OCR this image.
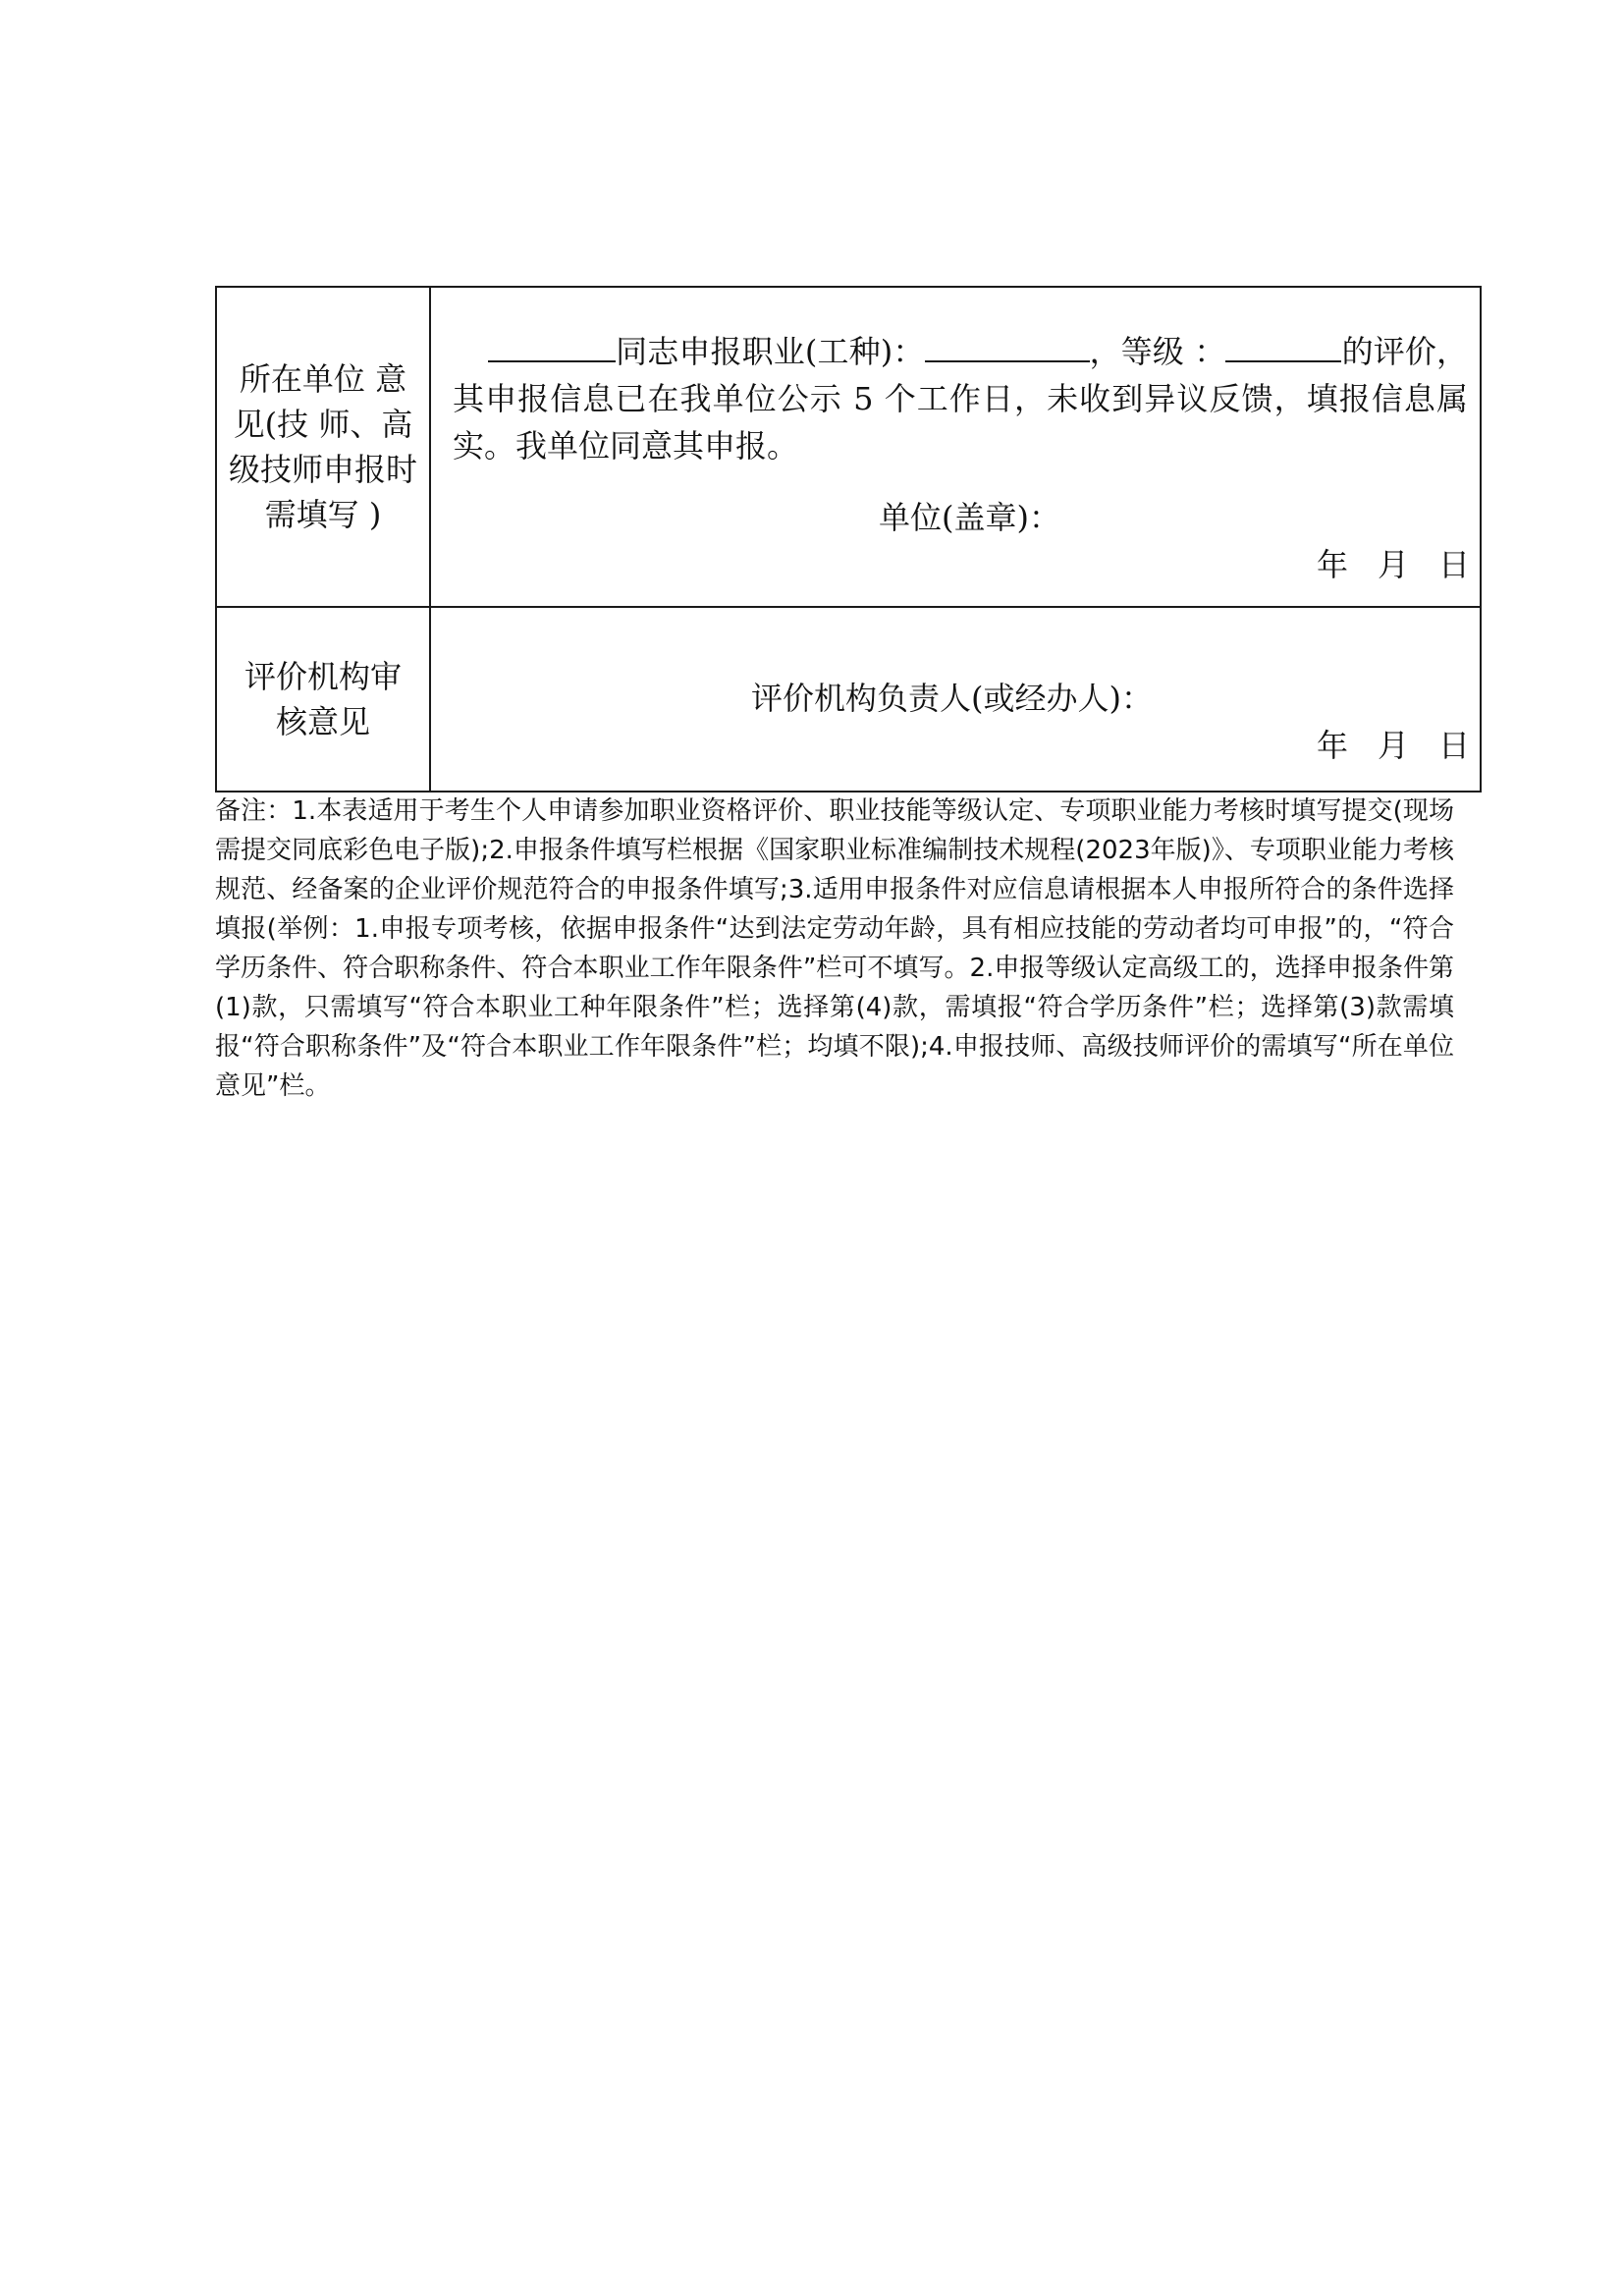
所在单位 意见(技 师、高级技师申报时需填写 )
同志申报职业(工种)：	，等级 ：	的评价，其申报信息已在我单位公示 5 个工作日，未收到异议反馈，填报信息属实。我单位同意其申报。
单位(盖章)：
年 月 日
评价机构审核意见
评价机构负责人(或经办人)：
年 月 日
备注：1.本表适用于考生个人申请参加职业资格评价、职业技能等级认定、专项职业能力考核时填写提交(现场需提交同底彩色电子版);2.申报条件填写栏根据《国家职业标准编制技术规程(2023年版)》、专项职业能力考核规范、经备案的企业评价规范符合的申报条件填写;3.适用申报条件对应信息请根据本人申报所符合的条件选择填报(举例：1.申报专项考核，依据申报条件“达到法定劳动年龄，具有相应技能的劳动者均可申报”的，“符合学历条件、符合职称条件、符合本职业工作年限条件”栏可不填写。2.申报等级认定高级工的，选择申报条件第(1)款，只需填写“符合本职业工种年限条件”栏；选择第(4)款，需填报“符合学历条件”栏；选择第(3)款需填报“符合职称条件”及“符合本职业工作年限条件”栏；均填不限);4.申报技师、高级技师评价的需填写“所在单位意见”栏。
